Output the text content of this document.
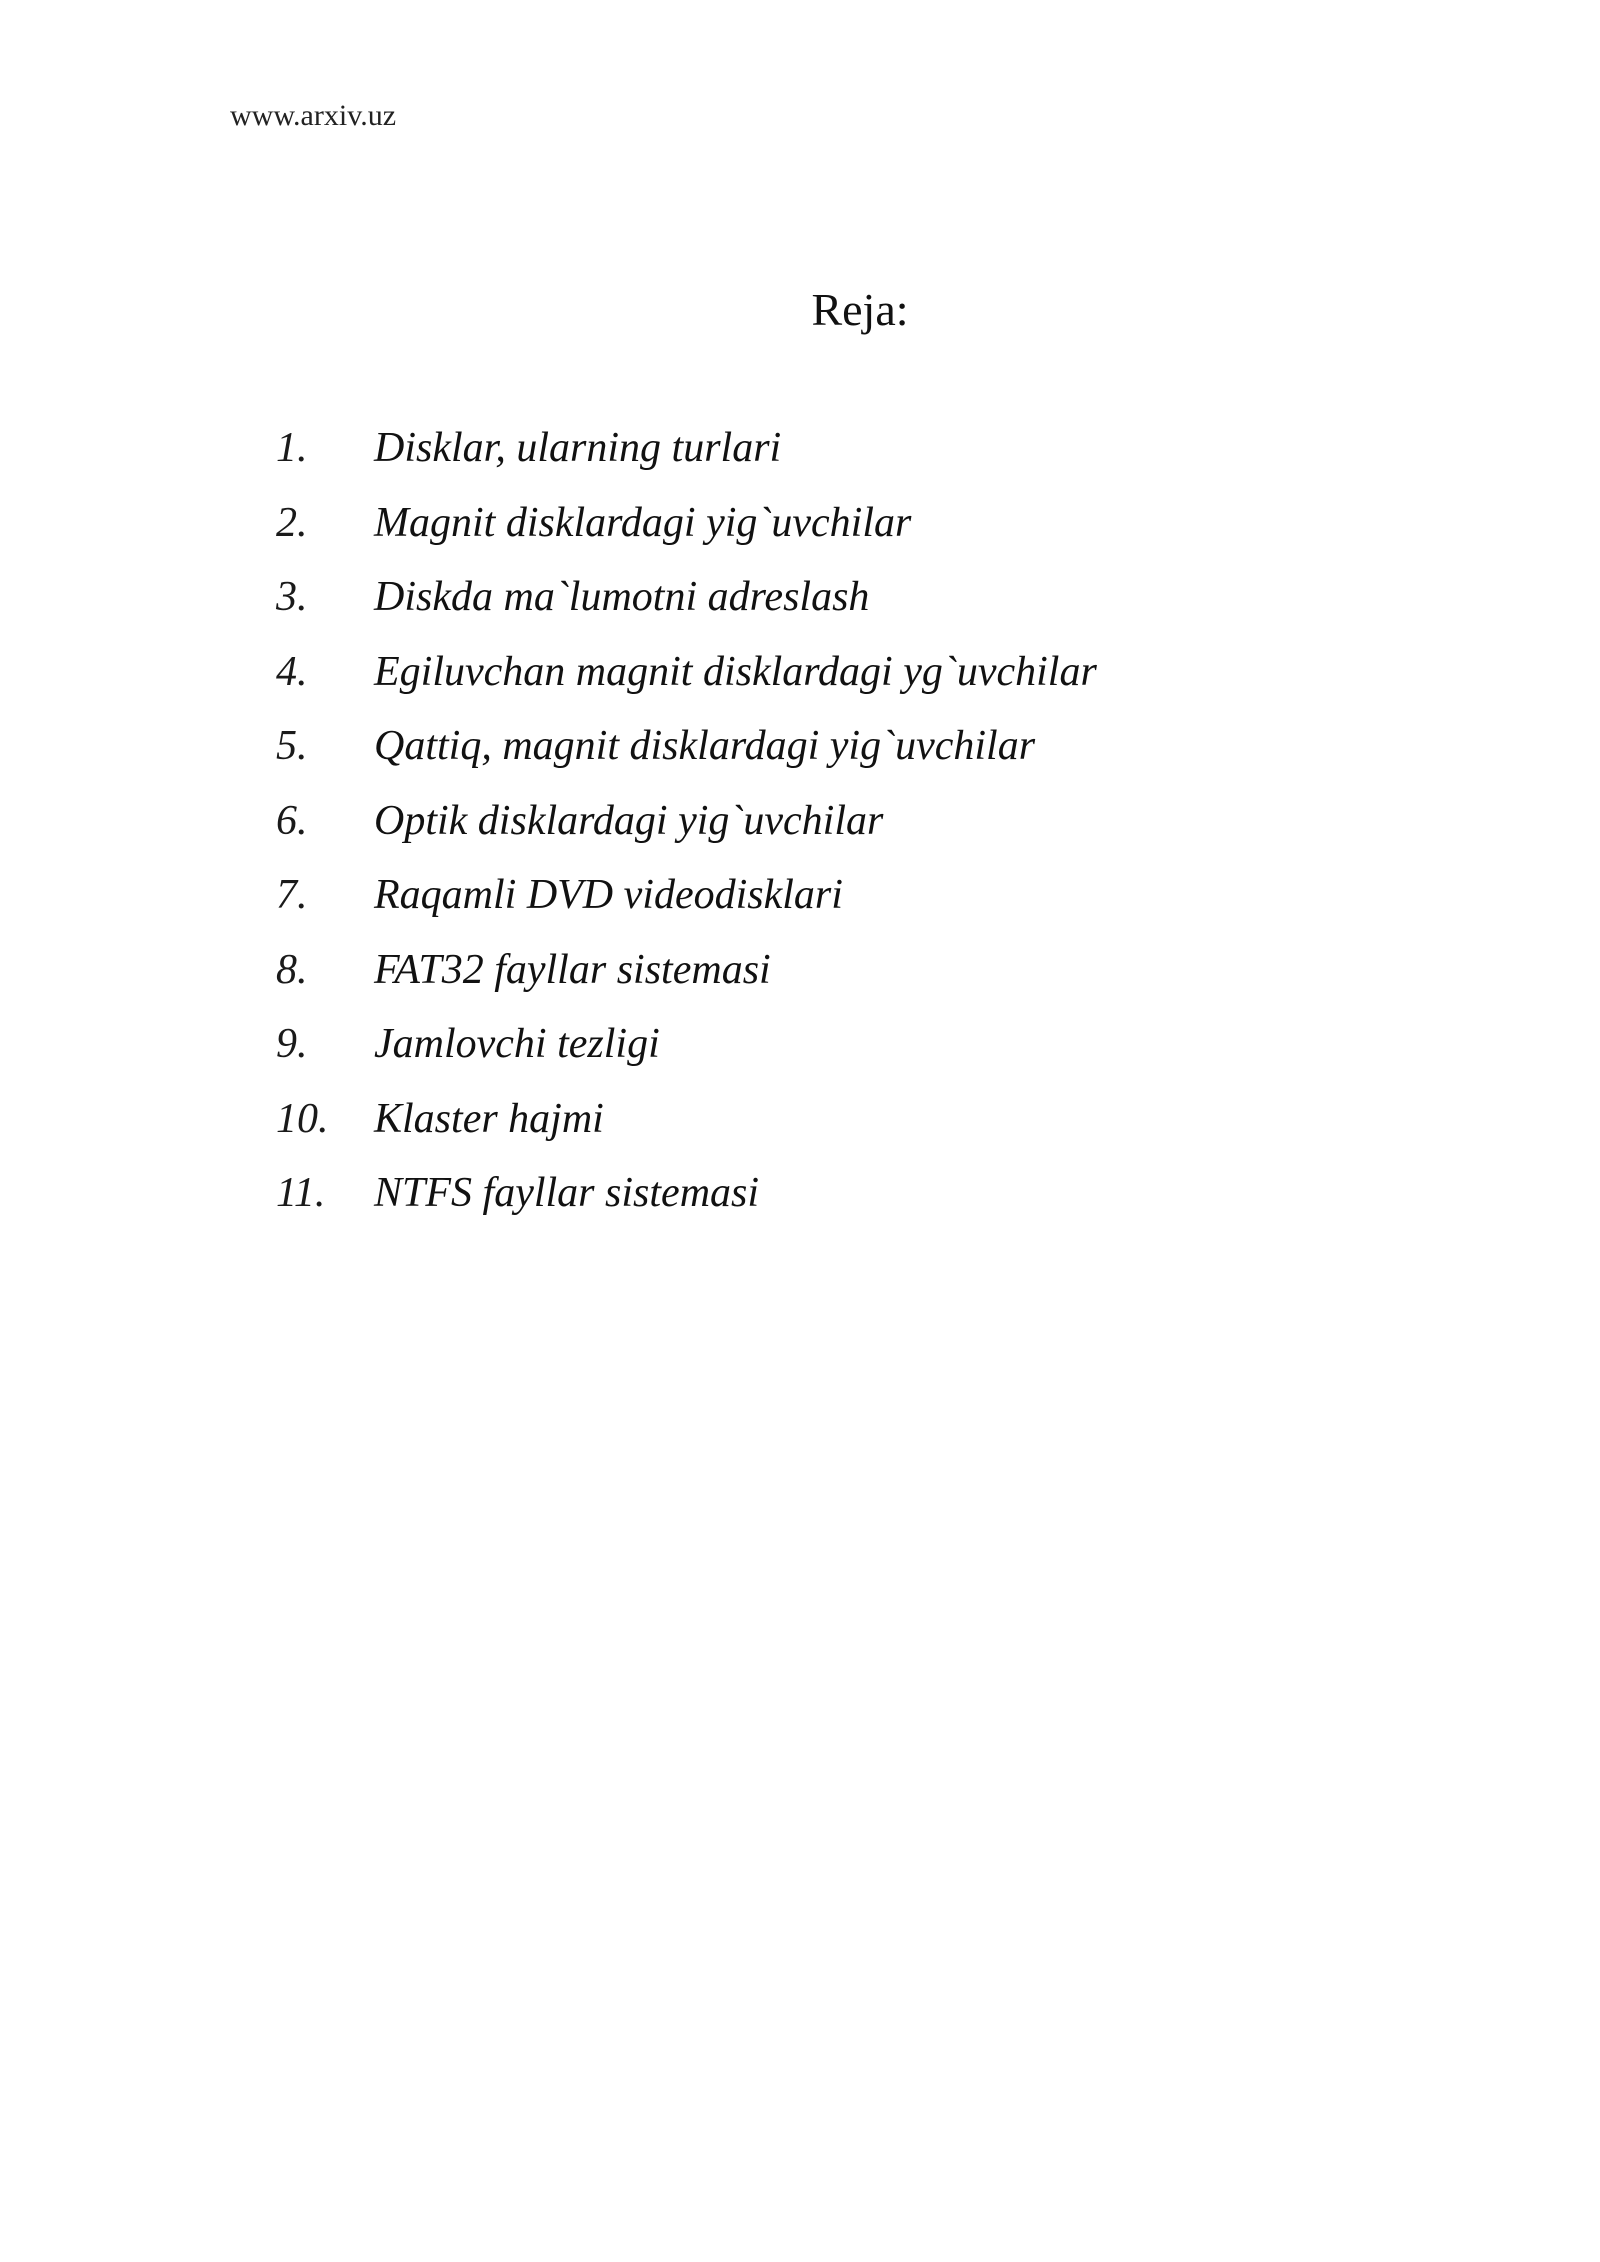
www.arxiv.uz
Reja:
1.	Disklar, ularning turlari
2.	Magnit disklardagi yig`uvchilar
3.	Diskda ma`lumotni adreslash
4.	Egiluvchan magnit disklardagi yg`uvchilar
5.	Qattiq, magnit disklardagi yig`uvchilar
6.	Optik disklardagi yig`uvchilar
7.	Raqamli DVD videodisklari
8.	FAT32 fayllar sistemasi
9.	Jamlovchi tezligi
10.	Klaster hajmi
11.	NTFS fayllar sistemasi
